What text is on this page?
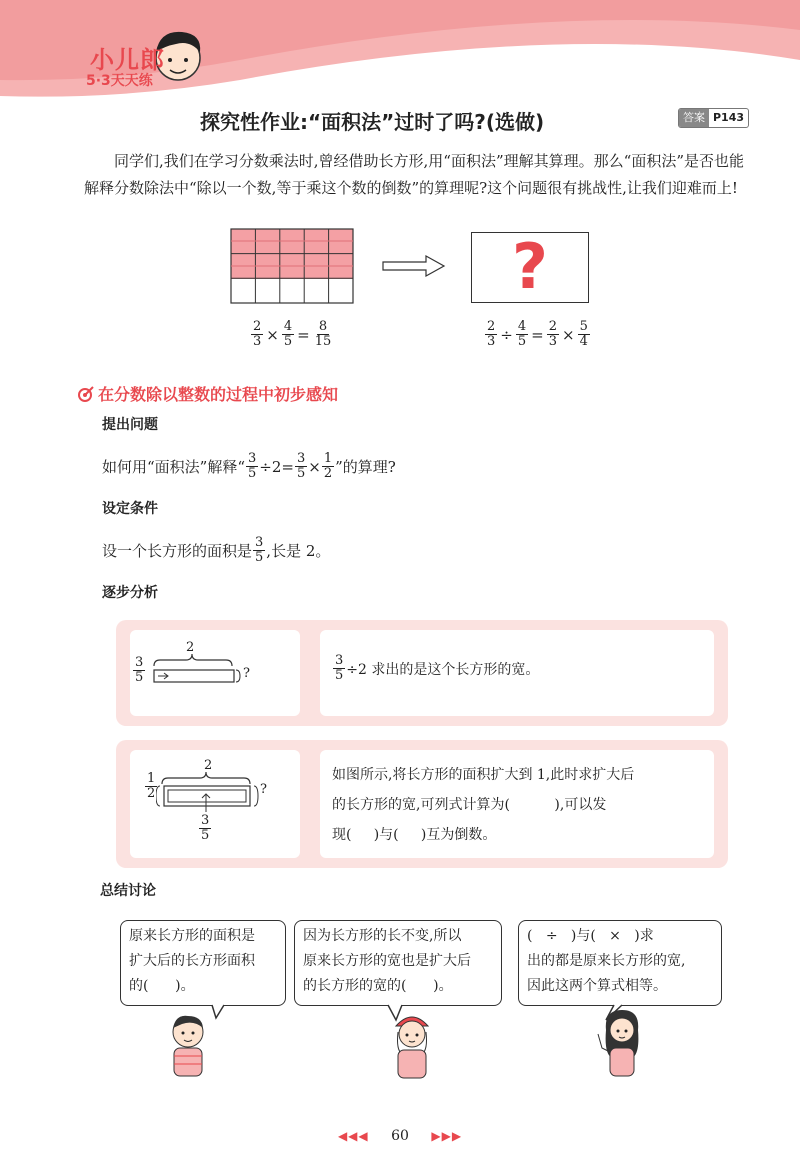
小儿郎
5·3天天练
探究性作业:“面积法”过时了吗?(选做)	答案 P143
同学们,我们在学习分数乘法时,曾经借助长方形,用“面积法”理解其算理。那么“面积法”是否也能解释分数除法中“除以一个数,等于乘这个数的倒数”的算理呢?这个问题很有挑战性,让我们迎难而上!
?
$\frac{2}{3} \times \frac{4}{5} = \frac{8}{15}$	$\frac{2}{3} \div \frac{4}{5} = \frac{2}{3} \times \frac{5}{4}$
在分数除以整数的过程中初步感知
提出问题
如何用“面积法”解释“ $\frac{3}{5} \div 2= \frac{3}{5} \times \frac{1}{2}$ ”的算理?
设定条件
设一个长方形的面积是 $\frac{3}{5}$ ,长是 2。
逐步分析
2
$\frac{3}{5}$	?	$\frac{3}{5} \div 2$ 求出的是这个长方形的宽。
2
$\frac{1}{2}$	?
$\frac{3}{5}$
如图所示,将长方形的面积扩大到 1,此时求扩大后
的长方形的宽,可列式计算为(          ),可以发
现(     )与(     )互为倒数。
总结讨论
原来长方形的面积是
扩大后的长方形面积
的(      )。
因为长方形的长不变,所以
原来长方形的宽也是扩大后
的长方形的宽的(      )。
(   ÷   )与(   ×   )求
出的都是原来长方形的宽,
因此这两个算式相等。
◀◀◀ 60 ▶▶▶
